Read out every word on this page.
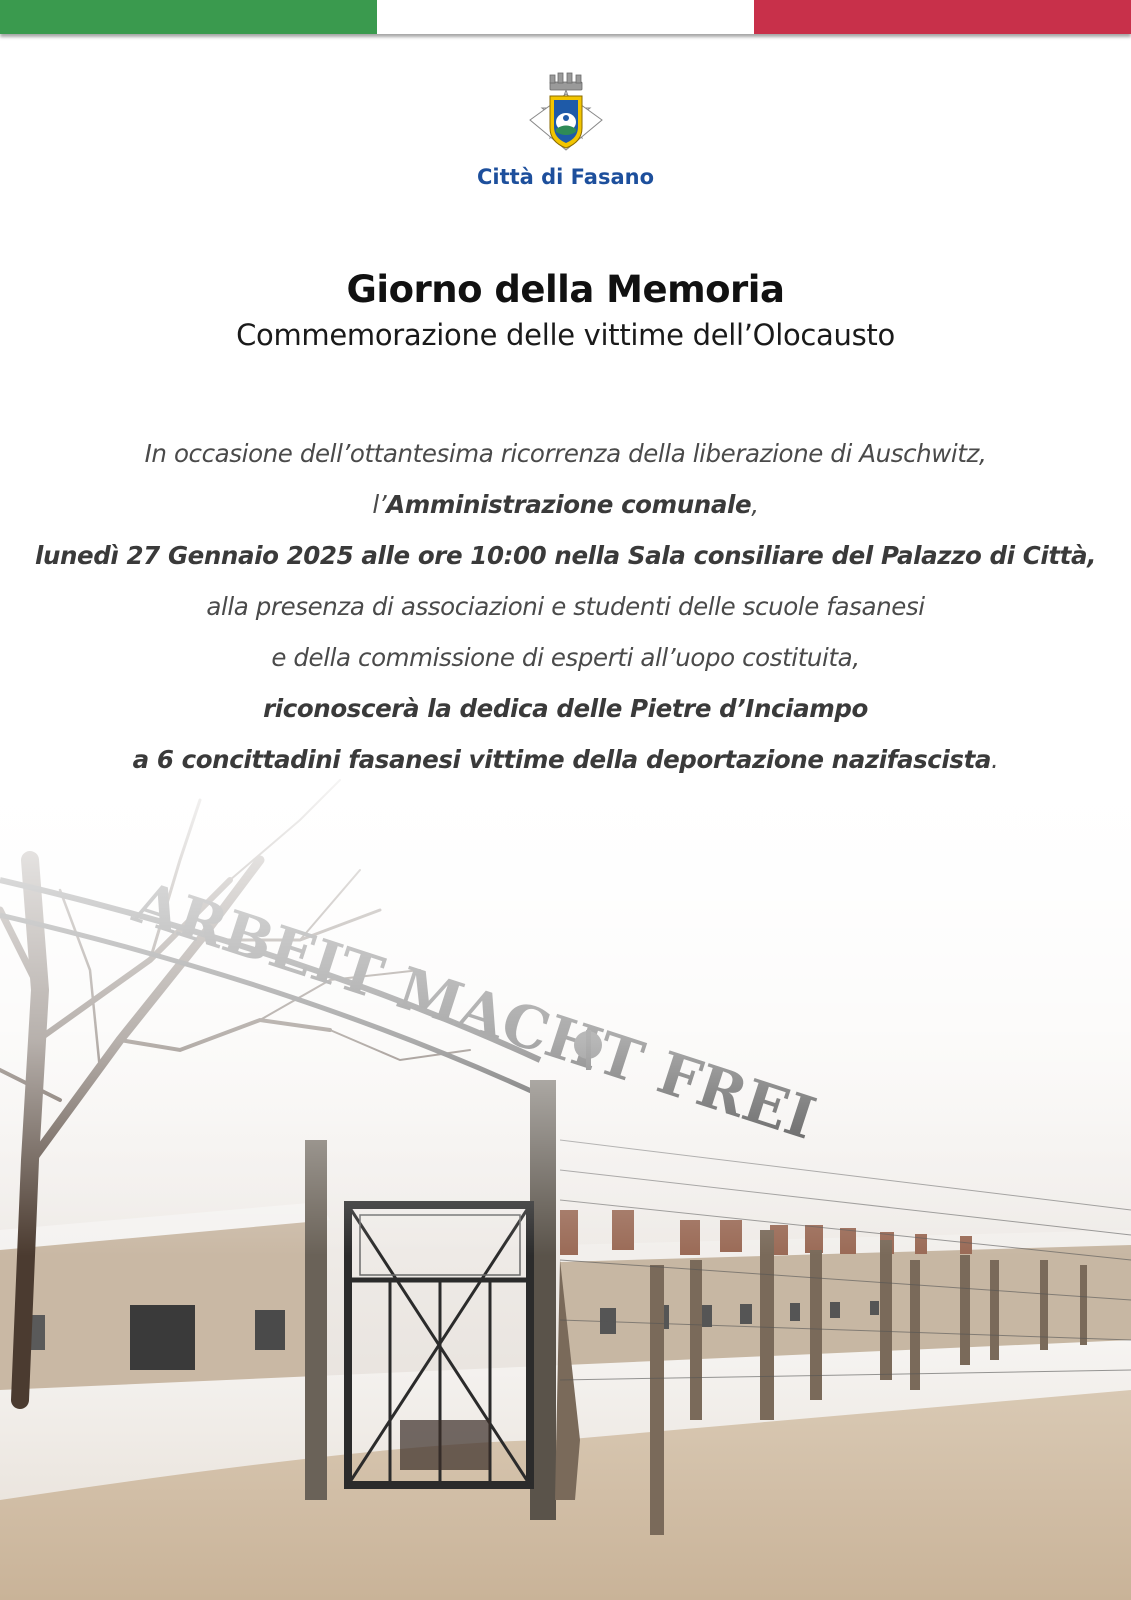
Città di Fasano
Giorno della Memoria
Commemorazione delle vittime dell’Olocausto
In occasione dell’ottantesima ricorrenza della liberazione di Auschwitz,
l’Amministrazione comunale,
lunedì 27 Gennaio 2025 alle ore 10:00 nella Sala consiliare del Palazzo di Città,
alla presenza di associazioni e studenti delle scuole fasanesi
e della commissione di esperti all’uopo costituita,
riconoscerà la dedica delle Pietre d’Inciampo
a 6 concittadini fasanesi vittime della deportazione nazifascista.
